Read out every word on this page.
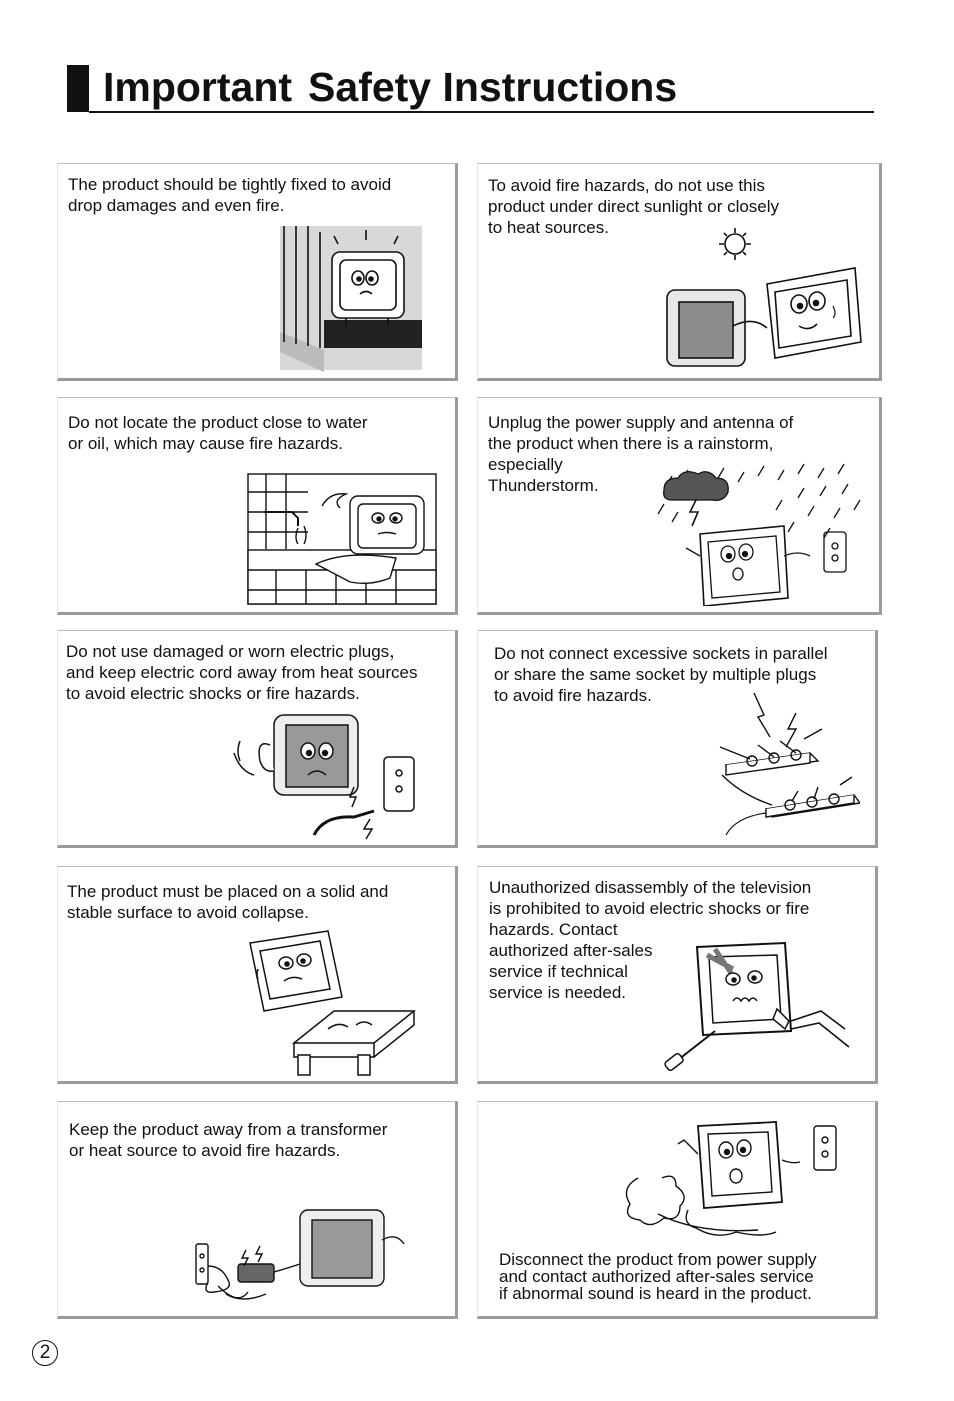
Important Safety Instructions
The product should be tightly fixed to avoid
drop damages and even fire.
To avoid fire hazards, do not use this
product under direct sunlight or closely
to heat sources.
Do not locate the product close to water
or oil, which may cause fire hazards.
Unplug the power supply and antenna of
the product when there is a rainstorm,
especially
Thunderstorm.
Do not use damaged or worn electric plugs，
and keep electric cord away from heat sources
to avoid electric shocks or fire hazards.
Do not connect excessive sockets in parallel
or share the same socket by multiple plugs
to avoid fire hazards.
The product must be placed on a solid and
stable surface to avoid collapse.
Unauthorized disassembly of the television
is prohibited to avoid electric shocks or fire
hazards. Contact
authorized after-sales
service if technical
service is needed.
Keep the product away from a transformer
or heat source to avoid fire hazards.
Disconnect the product from power supply
and contact authorized after-sales service
if abnormal sound is heard in the product.
2
